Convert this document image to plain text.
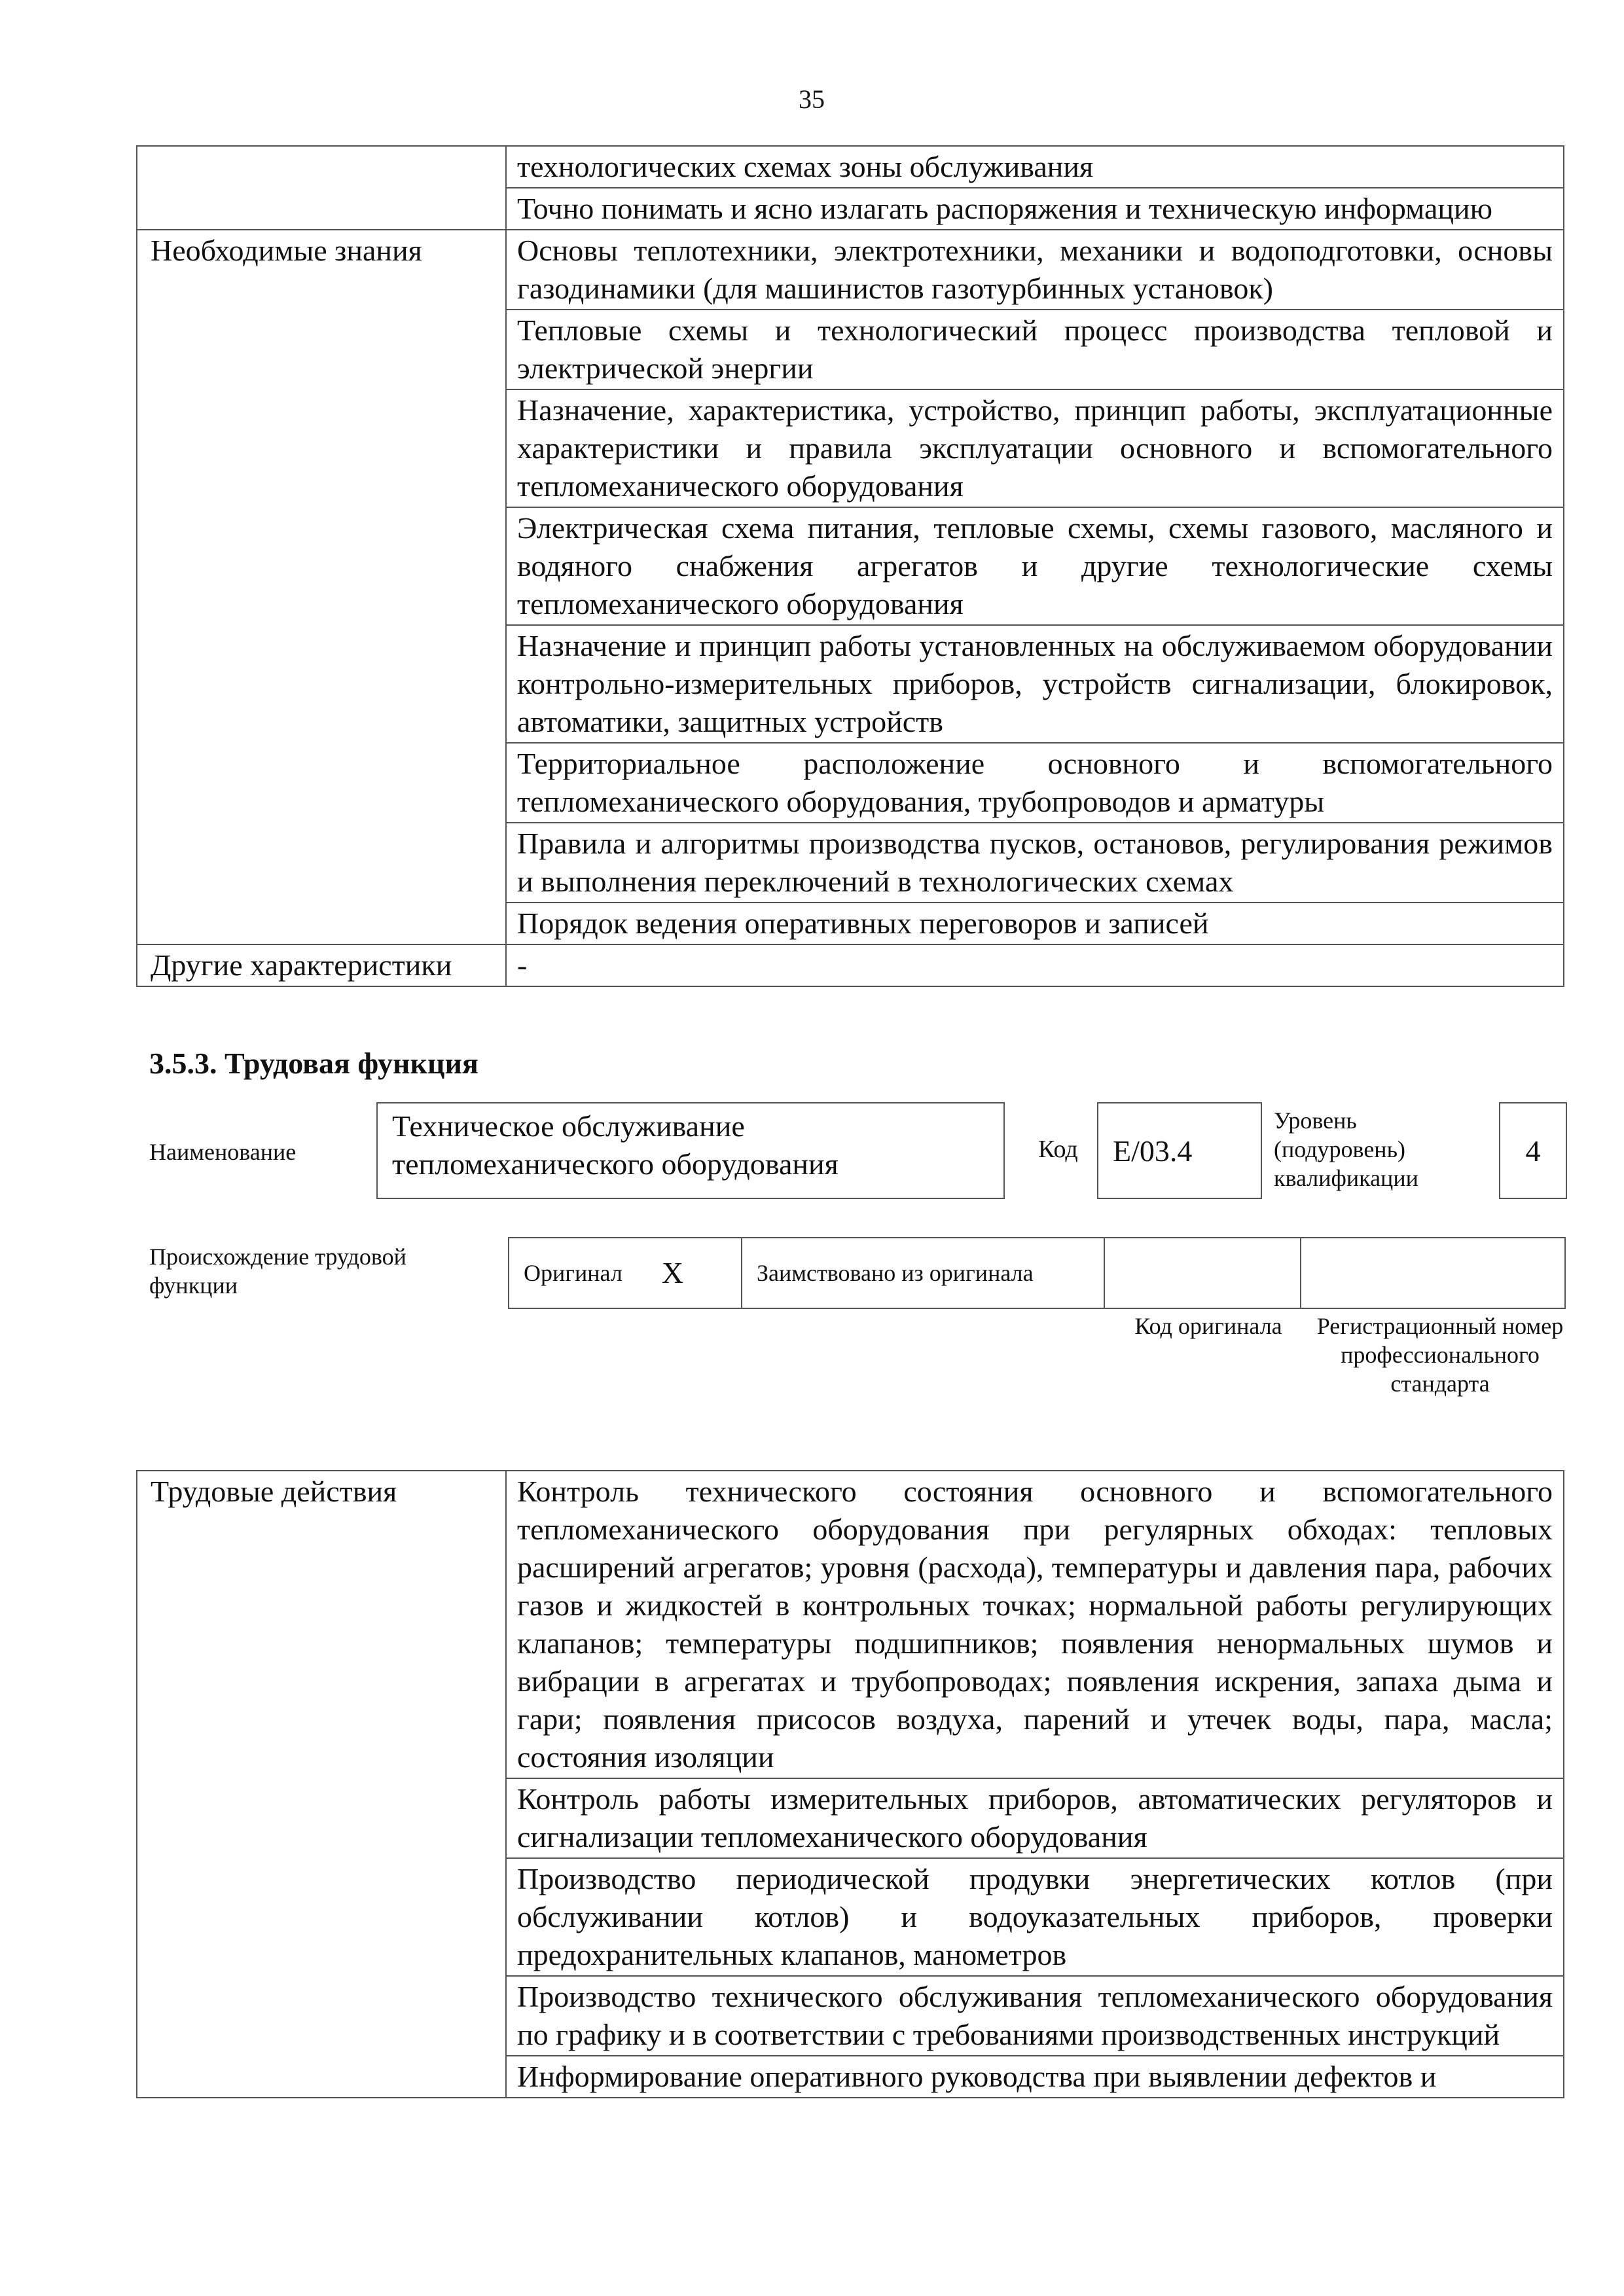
35
	технологических схемах зоны обслуживания
	Точно понимать и ясно излагать распоряжения и техническую информацию
Необходимые знания	Основы теплотехники, электротехники, механики и водоподготовки, основы газодинамики (для машинистов газотурбинных установок)
	Тепловые схемы и технологический процесс производства тепловой и электрической энергии
	Назначение, характеристика, устройство, принцип работы, эксплуатационные характеристики и правила эксплуатации основного и вспомогательного тепломеханического оборудования
	Электрическая схема питания, тепловые схемы, схемы газового, масляного и водяного снабжения агрегатов и другие технологические схемы тепломеханического оборудования
	Назначение и принцип работы установленных на обслуживаемом оборудовании контрольно-измерительных приборов, устройств сигнализации, блокировок, автоматики, защитных устройств
	Территориальное расположение основного и вспомогательного тепломеханического оборудования, трубопроводов и арматуры
	Правила и алгоритмы производства пусков, остановов, регулирования режимов и выполнения переключений в технологических схемах
	Порядок ведения оперативных переговоров и записей
Другие характеристики	-
3.5.3. Трудовая функция
Наименование
Техническое обслуживание тепломеханического оборудования	Код	E/03.4
Уровень (подуровень) квалификации
4
Происхождение трудовой функции	Оригинал X	Заимствовано из оригинала
Код оригинала	Регистрационный номер профессионального стандарта
Трудовые действия	Контроль технического состояния основного и вспомогательного тепломеханического оборудования при регулярных обходах: тепловых расширений агрегатов; уровня (расхода), температуры и давления пара, рабочих газов и жидкостей в контрольных точках; нормальной работы регулирующих клапанов; температуры подшипников; появления ненормальных шумов и вибрации в агрегатах и трубопроводах; появления искрения, запаха дыма и гари; появления присосов воздуха, парений и утечек воды, пара, масла; состояния изоляции
Контроль работы измерительных приборов, автоматических регуляторов и сигнализации тепломеханического оборудования
Производство периодической продувки энергетических котлов (при обслуживании котлов) и водоуказательных приборов, проверки предохранительных клапанов, манометров
Производство технического обслуживания тепломеханического оборудования по графику и в соответствии с требованиями производственных инструкций
Информирование оперативного руководства при выявлении дефектов и
